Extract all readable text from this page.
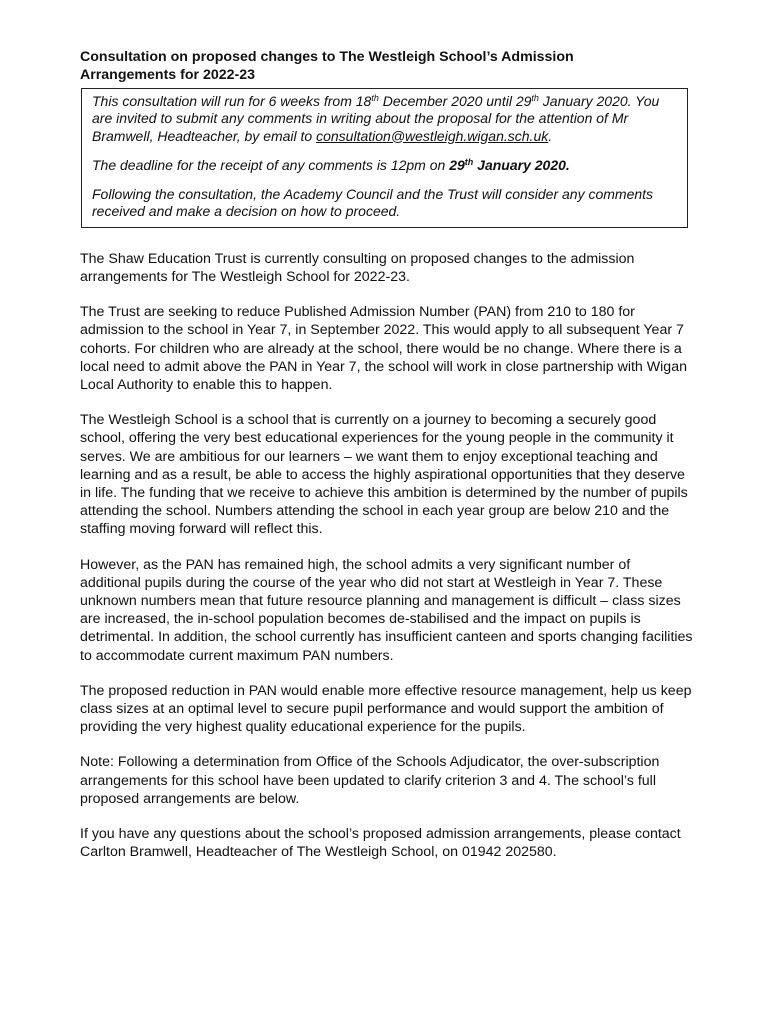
Consultation on proposed changes to The Westleigh School’s Admission
Arrangements for 2022-23

This consultation will run for 6 weeks from 18th December 2020 until 29th January 2020. You are invited to submit any comments in writing about the proposal for the attention of Mr Bramwell, Headteacher, by email to consultation@westleigh.wigan.sch.uk.

The deadline for the receipt of any comments is 12pm on 29th January 2020.

Following the consultation, the Academy Council and the Trust will consider any comments received and make a decision on how to proceed.

The Shaw Education Trust is currently consulting on proposed changes to the admission arrangements for The Westleigh School for 2022-23.

The Trust are seeking to reduce Published Admission Number (PAN) from 210 to 180 for admission to the school in Year 7, in September 2022. This would apply to all subsequent Year 7 cohorts. For children who are already at the school, there would be no change. Where there is a local need to admit above the PAN in Year 7, the school will work in close partnership with Wigan Local Authority to enable this to happen.

The Westleigh School is a school that is currently on a journey to becoming a securely good school, offering the very best educational experiences for the young people in the community it serves. We are ambitious for our learners – we want them to enjoy exceptional teaching and learning and as a result, be able to access the highly aspirational opportunities that they deserve in life. The funding that we receive to achieve this ambition is determined by the number of pupils attending the school. Numbers attending the school in each year group are below 210 and the staffing moving forward will reflect this.

However, as the PAN has remained high, the school admits a very significant number of additional pupils during the course of the year who did not start at Westleigh in Year 7. These unknown numbers mean that future resource planning and management is difficult – class sizes are increased, the in-school population becomes de-stabilised and the impact on pupils is detrimental. In addition, the school currently has insufficient canteen and sports changing facilities to accommodate current maximum PAN numbers.

The proposed reduction in PAN would enable more effective resource management, help us keep class sizes at an optimal level to secure pupil performance and would support the ambition of providing the very highest quality educational experience for the pupils.

Note: Following a determination from Office of the Schools Adjudicator, the over-subscription arrangements for this school have been updated to clarify criterion 3 and 4. The school’s full proposed arrangements are below.

If you have any questions about the school’s proposed admission arrangements, please contact Carlton Bramwell, Headteacher of The Westleigh School, on 01942 202580.
